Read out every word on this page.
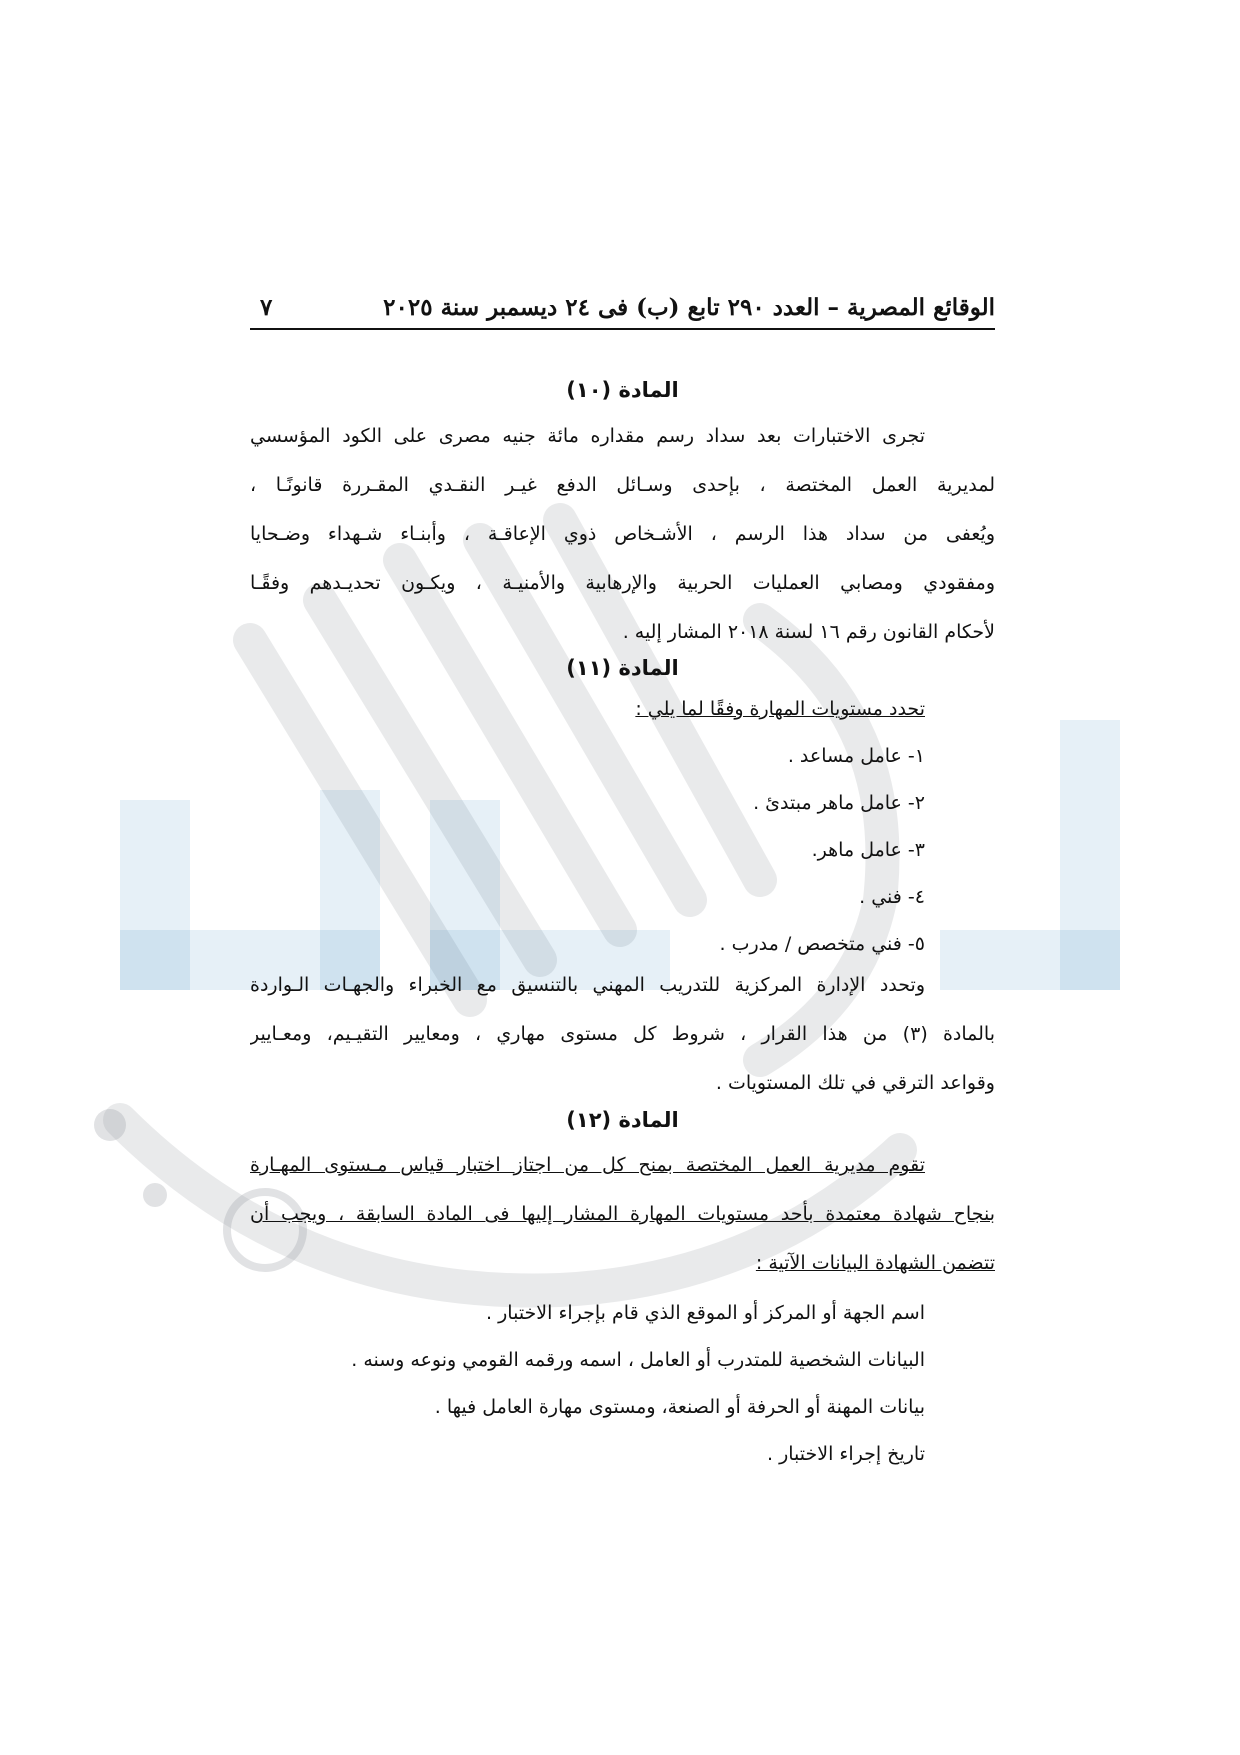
الوقائع المصرية – العدد ٢٩٠ تابع (ب) فى ٢٤ ديسمبر سنة ٢٠٢٥
٧
المادة (١٠)
تجرى الاختبارات بعد سداد رسم مقداره مائة جنيه مصرى على الكود المؤسسي
لمديرية العمل المختصة ، بإحدى وسـائل الدفع غيـر النقـدي المقـررة قانونًـا ،
ويُعفى من سداد هذا الرسم ، الأشـخاص ذوي الإعاقـة ، وأبنـاء شـهداء وضـحايا
ومفقودي ومصابي العمليات الحربية والإرهابية والأمنيـة ، ويكـون تحديـدهم وفقًـا
لأحكام القانون رقم ١٦ لسنة ٢٠١٨ المشار إليه .
المادة (١١)
تحدد مستويات المهارة وفقًا لما يلي :
١- عامل مساعد .
٢- عامل ماهر مبتدئ .
٣- عامل ماهر.
٤- فني .
٥- فني متخصص / مدرب .
وتحدد الإدارة المركزية للتدريب المهني بالتنسيق مع الخبراء والجهـات الـواردة
بالمادة (٣) من هذا القرار ، شروط كل مستوى مهاري ، ومعايير التقيـيم، ومعـايير
وقواعد الترقي في تلك المستويات .
المادة (١٢)
تقوم مديرية العمل المختصة بمنح كل من اجتاز اختبار قياس مـستوى المهـارة
بنجاح شهادة معتمدة بأحد مستويات المهارة المشار إليها فى المادة السابقة ، ويجب أن
تتضمن الشهادة البيانات الآتية :
اسم الجهة أو المركز أو الموقع الذي قام بإجراء الاختبار .
البيانات الشخصية للمتدرب أو العامل ، اسمه ورقمه القومي ونوعه وسنه .
بيانات المهنة أو الحرفة أو الصنعة، ومستوى مهارة العامل فيها .
تاريخ إجراء الاختبار .
